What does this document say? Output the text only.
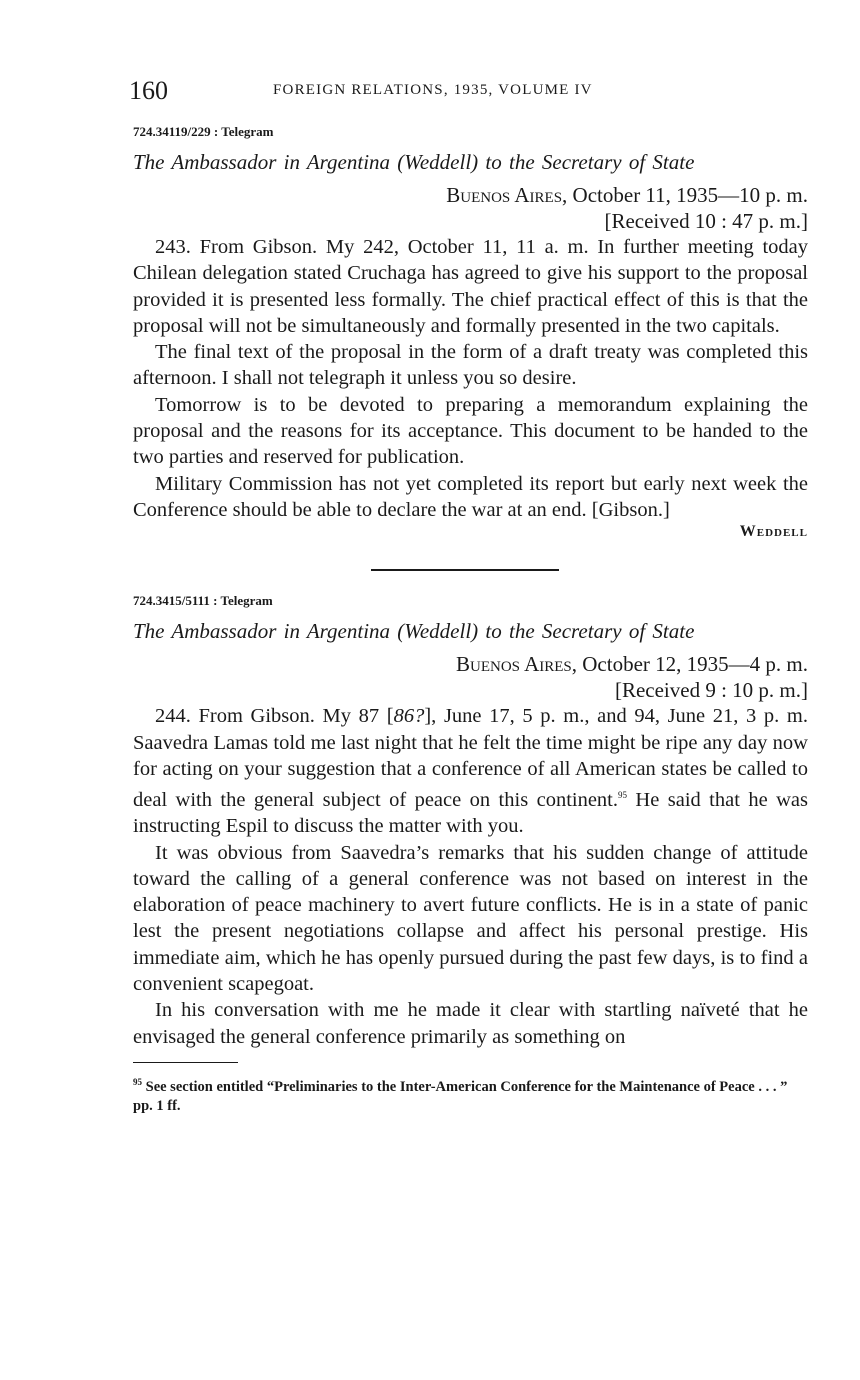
160	FOREIGN RELATIONS, 1935, VOLUME IV
724.34119/229 : Telegram
The Ambassador in Argentina (Weddell) to the Secretary of State
Buenos Aires, October 11, 1935—10 p. m.
[Received 10 : 47 p. m.]

243. From Gibson. My 242, October 11, 11 a. m. In further meeting today Chilean delegation stated Cruchaga has agreed to give his support to the proposal provided it is presented less formally. The chief practical effect of this is that the proposal will not be simultaneously and formally presented in the two capitals.

The final text of the proposal in the form of a draft treaty was completed this afternoon. I shall not telegraph it unless you so desire.

Tomorrow is to be devoted to preparing a memorandum explaining the proposal and the reasons for its acceptance. This document to be handed to the two parties and reserved for publication.

Military Commission has not yet completed its report but early next week the Conference should be able to declare the war at an end. [Gibson.]

Weddell
724.3415/5111 : Telegram
The Ambassador in Argentina (Weddell) to the Secretary of State
Buenos Aires, October 12, 1935—4 p. m.
[Received 9 : 10 p. m.]

244. From Gibson. My 87 [86?], June 17, 5 p. m., and 94, June 21, 3 p. m. Saavedra Lamas told me last night that he felt the time might be ripe any day now for acting on your suggestion that a conference of all American states be called to deal with the general subject of peace on this continent.$^{95}$ He said that he was instructing Espil to discuss the matter with you.

It was obvious from Saavedra’s remarks that his sudden change of attitude toward the calling of a general conference was not based on interest in the elaboration of peace machinery to avert future conflicts. He is in a state of panic lest the present negotiations collapse and affect his personal prestige. His immediate aim, which he has openly pursued during the past few days, is to find a convenient scapegoat.

In his conversation with me he made it clear with startling naïveté that he envisaged the general conference primarily as something on

$^{95}$ See section entitled “Preliminaries to the Inter-American Conference for the Maintenance of Peace . . . ” pp. 1 ff.
